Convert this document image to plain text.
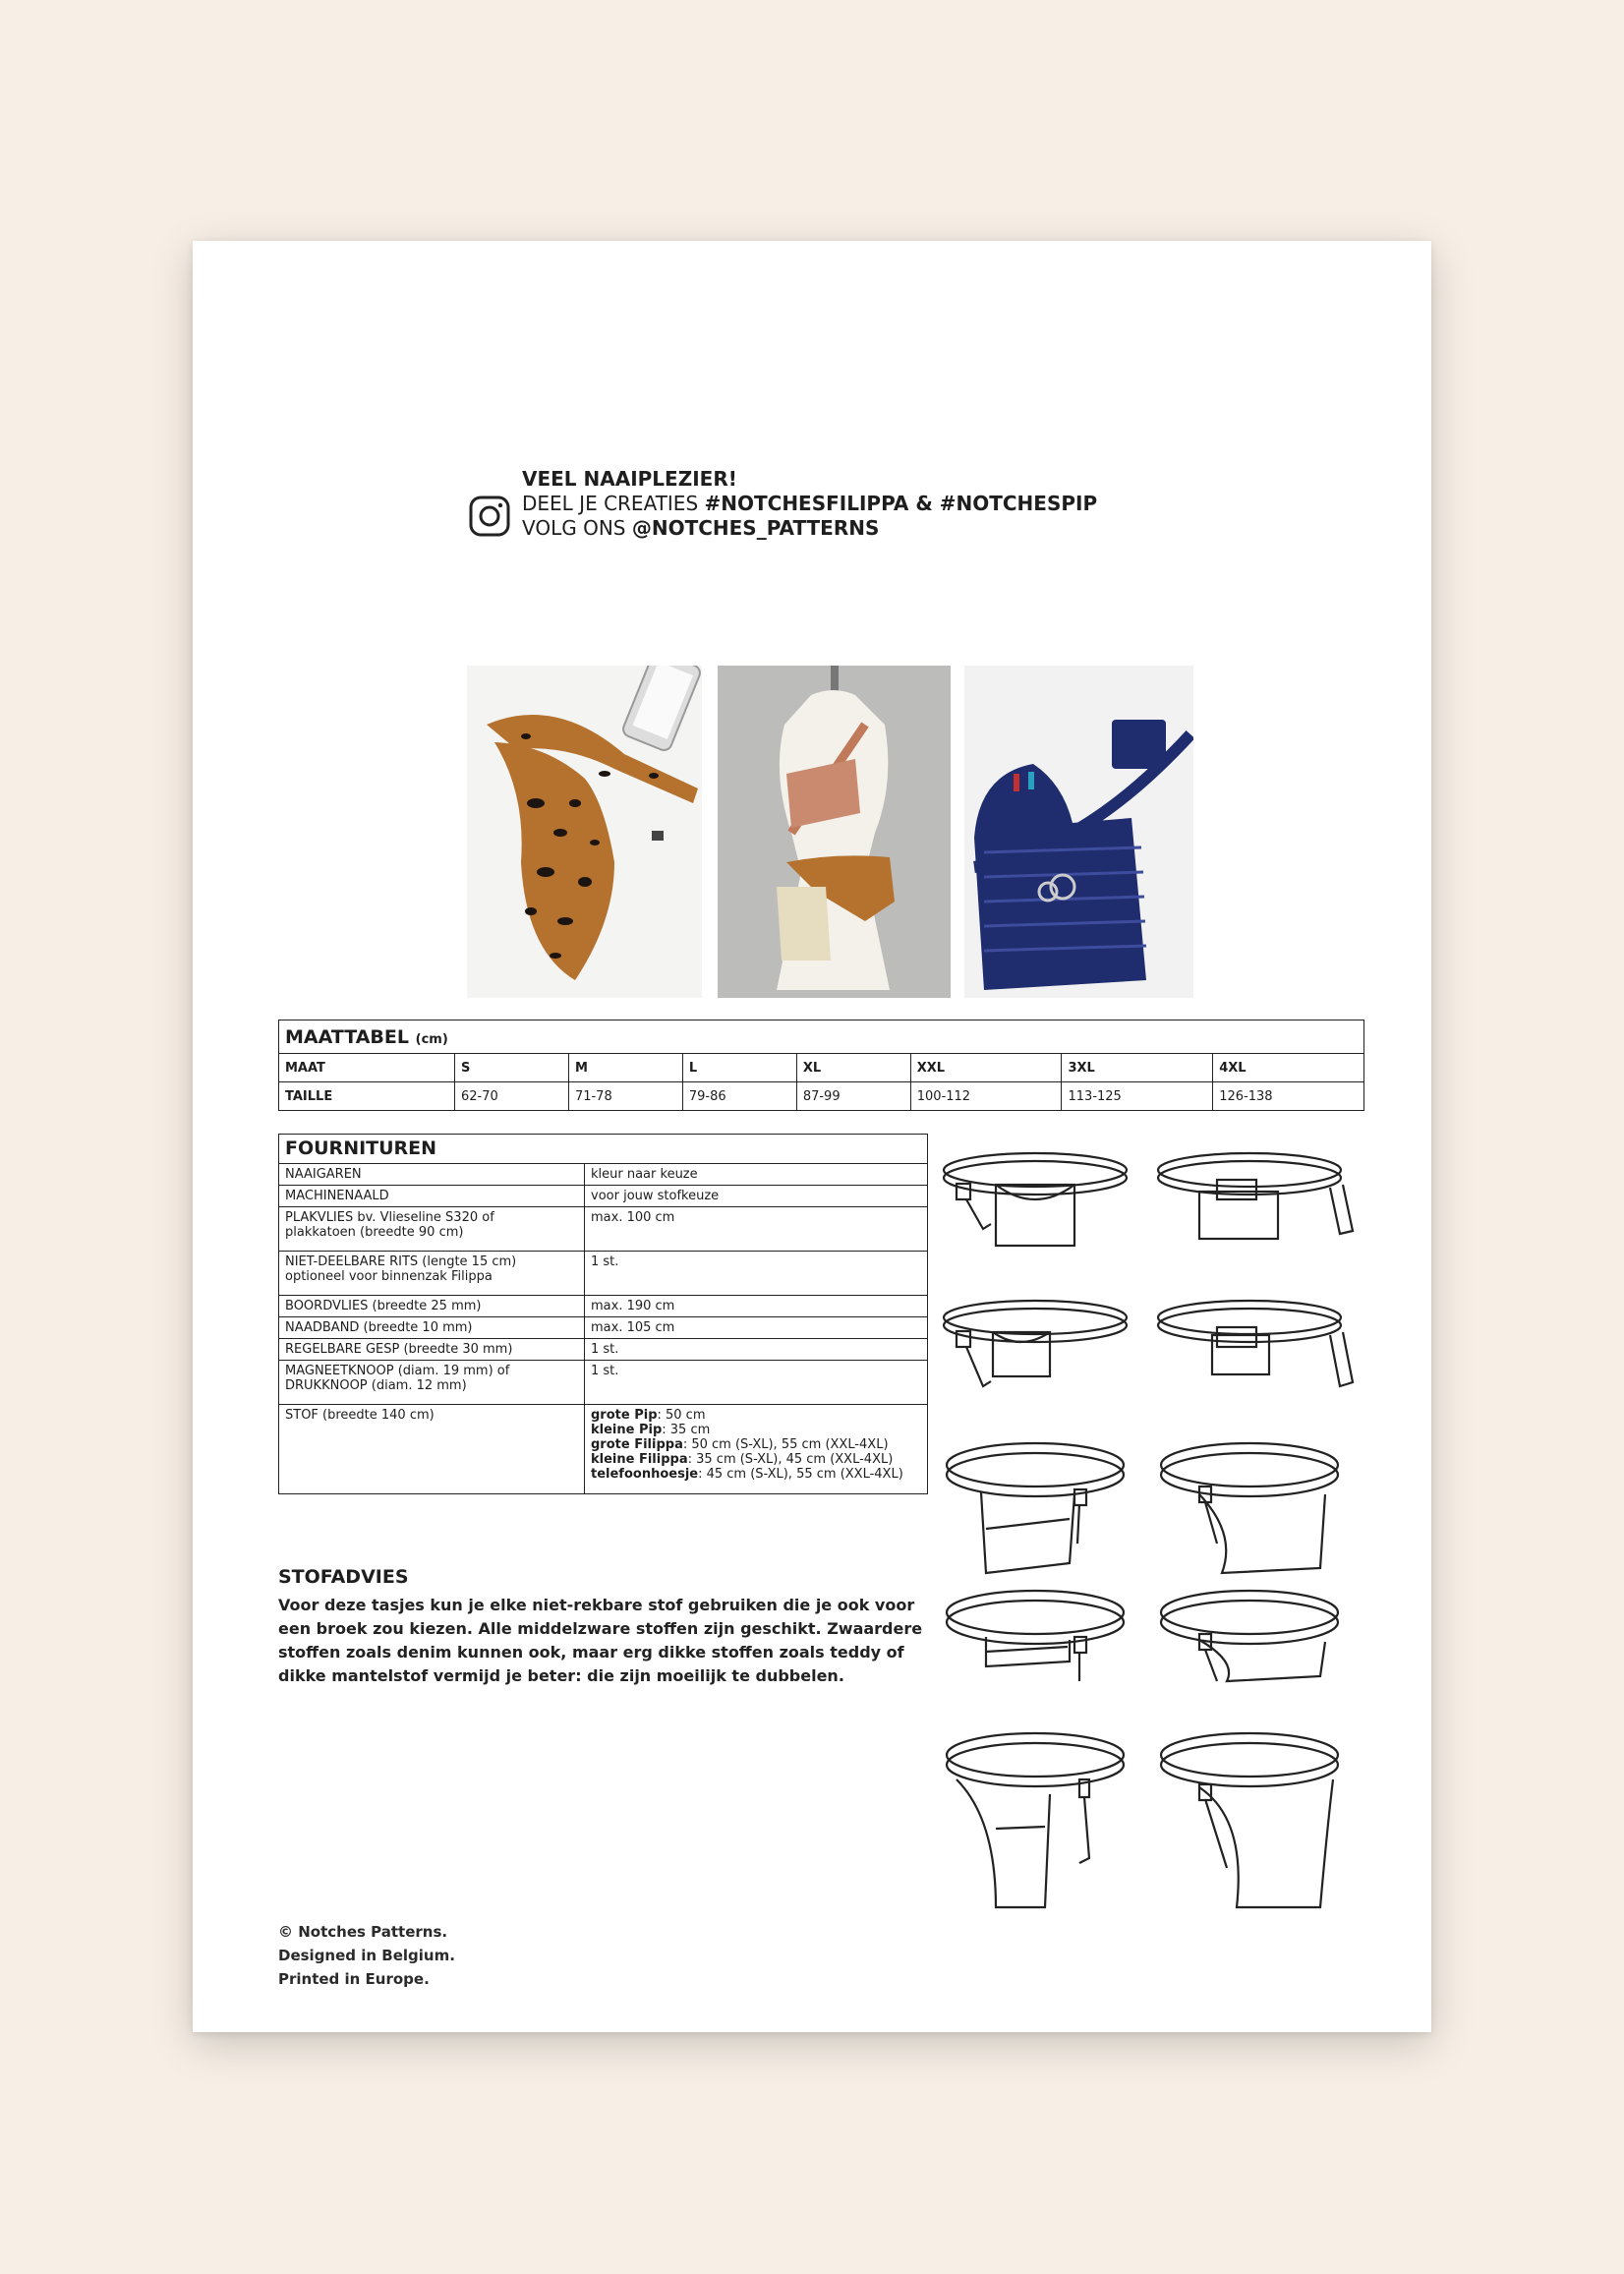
VEEL NAAIPLEZIER!
DEEL JE CREATIES #NOTCHESFILIPPA & #NOTCHESPIP
VOLG ONS @NOTCHES_PATTERNS
MAATTABEL (cm)							
MAAT	S	M	L	XL	XXL	3XL	4XL
TAILLE	62-70	71-78	79-86	87-99	100-112	113-125	126-138
FOURNITUREN	
NAAIGAREN	kleur naar keuze
MACHINENAALD	voor jouw stofkeuze

PLAKVLIES bv. Vlieseline S320 of
plakkatoen (breedte 90 cm)	max. 100 cm

NIET-DEELBARE RITS (lengte 15 cm)
optioneel voor binnenzak Filippa	1 st.
BOORDVLIES (breedte 25 mm)	max. 190 cm
NAADBAND (breedte 10 mm)	max. 105 cm
REGELBARE GESP (breedte 30 mm)	1 st.

MAGNEETKNOOP (diam. 19 mm) of
DRUKKNOOP (diam. 12 mm)	1 st.
STOF (breedte 140 cm)	grote Pip: 50 cm
kleine Pip: 35 cm
grote Filippa: 50 cm (S-XL), 55 cm (XXL-4XL)
kleine Filippa: 35 cm (S-XL), 45 cm (XXL-4XL)
telefoonhoesje: 45 cm (S-XL), 55 cm (XXL-4XL)
STOFADVIES

Voor deze tasjes kun je elke niet-rekbare stof gebruiken die je ook voor een broek zou kiezen. Alle middelzware stoffen zijn geschikt. Zwaardere stoffen zoals denim kunnen ook, maar erg dikke stoffen zoals teddy of dikke mantelstof vermijd je beter: die zijn moeilijk te dubbelen.

© Notches Patterns.
Designed in Belgium.
Printed in Europe.
